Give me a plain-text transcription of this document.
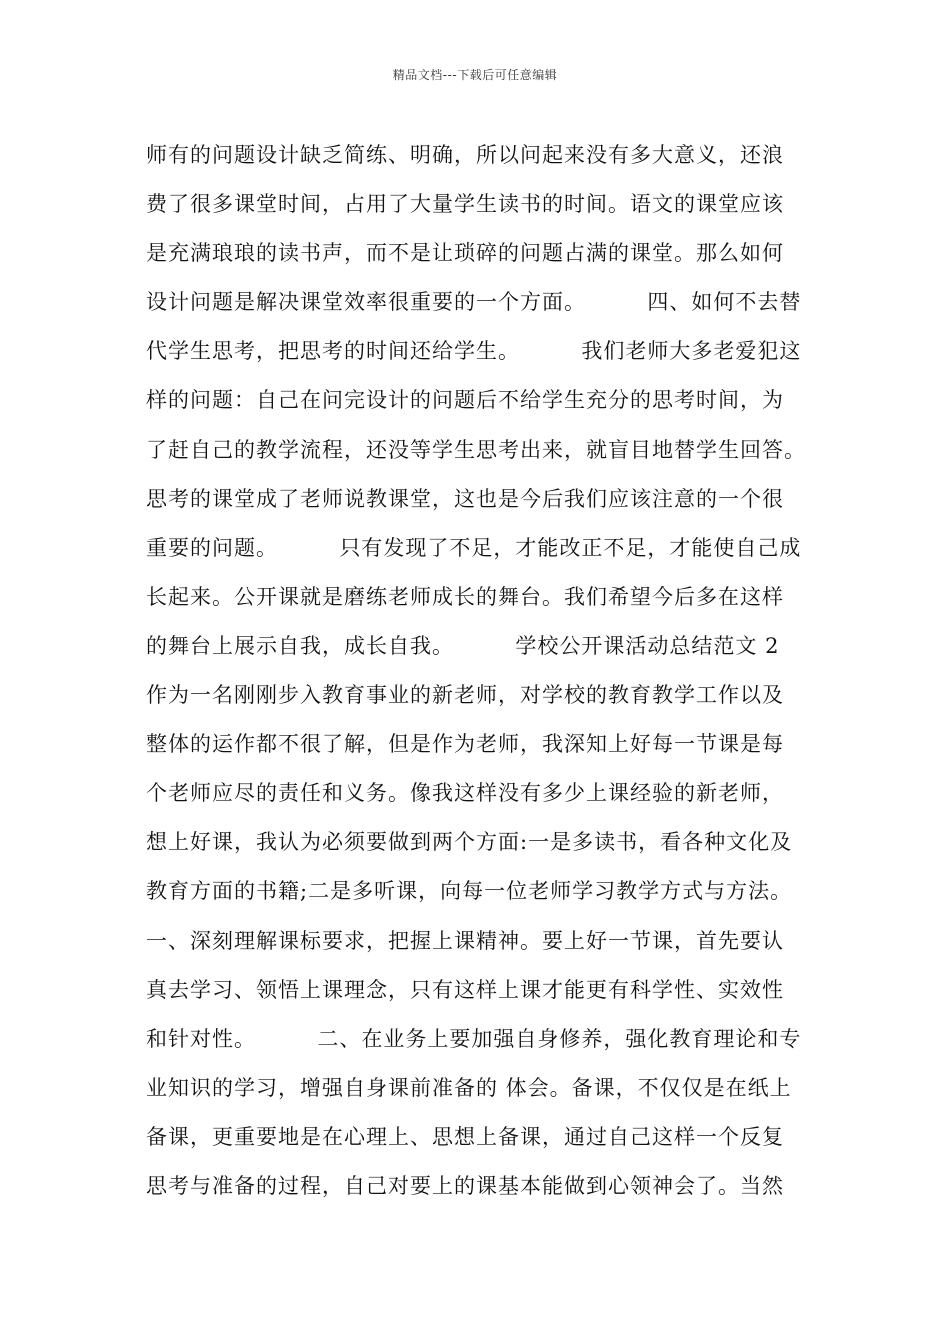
精品文档---下载后可任意编辑
师有的问题设计缺乏简练、明确，所以问起来没有多大意义，还浪
费了很多课堂时间，占用了大量学生读书的时间。语文的课堂应该
是充满琅琅的读书声，而不是让琐碎的问题占满的课堂。那么如何
设计问题是解决课堂效率很重要的一个方面。        四、如何不去替
代学生思考，把思考的时间还给学生。        我们老师大多老爱犯这
样的问题：自己在问完设计的问题后不给学生充分的思考时间，为
了赶自己的教学流程，还没等学生思考出来，就盲目地替学生回答。
思考的课堂成了老师说教课堂，这也是今后我们应该注意的一个很
重要的问题。        只有发现了不足，才能改正不足，才能使自己成
长起来。公开课就是磨练老师成长的舞台。我们希望今后多在这样
的舞台上展示自我，成长自我。        学校公开课活动总结范文 2
作为一名刚刚步入教育事业的新老师，对学校的教育教学工作以及
整体的运作都不很了解，但是作为老师，我深知上好每一节课是每
个老师应尽的责任和义务。像我这样没有多少上课经验的新老师，
想上好课，我认为必须要做到两个方面:一是多读书，看各种文化及
教育方面的书籍;二是多听课，向每一位老师学习教学方式与方法。
一、深刻理解课标要求，把握上课精神。要上好一节课，首先要认
真去学习、领悟上课理念，只有这样上课才能更有科学性、实效性
和针对性。        二、在业务上要加强自身修养，强化教育理论和专
业知识的学习，增强自身课前准备的 体会。备课，不仅仅是在纸上
备课，更重要地是在心理上、思想上备课，通过自己这样一个反复
思考与准备的过程，自己对要上的课基本能做到心领神会了。当然
